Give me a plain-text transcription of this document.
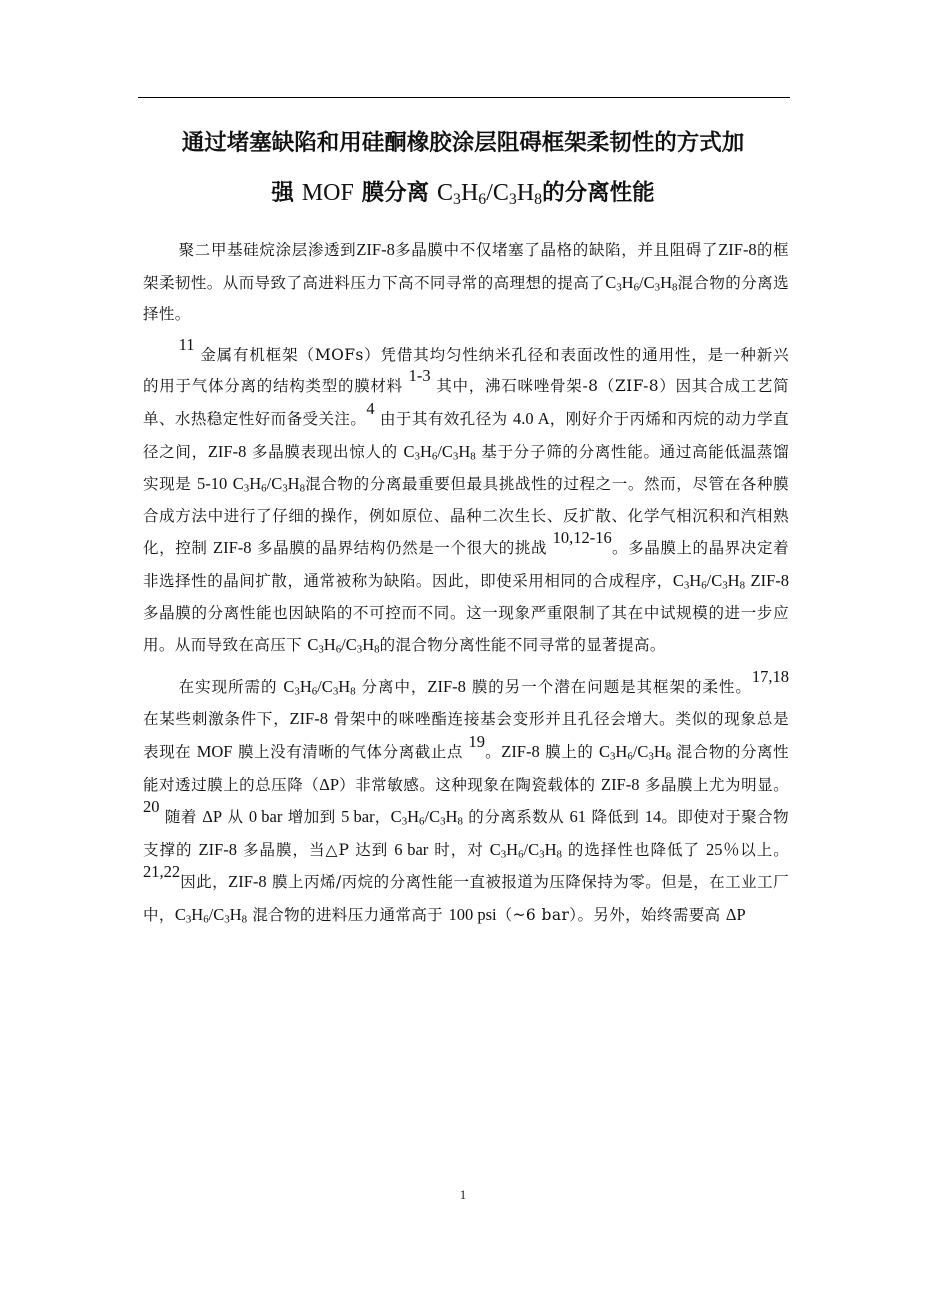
通过堵塞缺陷和用硅酮橡胶涂层阻碍框架柔韧性的方式加
强 MOF 膜分离 $C_3H_6/C_3H_8$的分离性能

聚二甲基硅烷涂层渗透到ZIF-8多晶膜中不仅堵塞了晶格的缺陷，并且阻碍了ZIF-8的框架柔韧性。从而导致了高进料压力下高不同寻常的高理想的提高了$C_3H_6/C_3H_8$混合物的分离选择性。

$^{11}$ 金属有机框架（MOFs）凭借其均匀性纳米孔径和表面改性的通用性，是一种新兴的用于气体分离的结构类型的膜材料 $^{1-3}$ 其中，沸石咪唑骨架-8（ZIF-8）因其合成工艺简单、水热稳定性好而备受关注。$^4$ 由于其有效孔径为 4.0 A，刚好介于丙烯和丙烷的动力学直径之间，ZIF-8 多晶膜表现出惊人的 $C_3H_6/C_3H_8$ 基于分子筛的分离性能。通过高能低温蒸馏实现是 5-10 $C_3H_6/C_3H_8$混合物的分离最重要但最具挑战性的过程之一。然而，尽管在各种膜合成方法中进行了仔细的操作，例如原位、晶种二次生长、反扩散、化学气相沉积和汽相熟化，控制 ZIF-8 多晶膜的晶界结构仍然是一个很大的挑战 $^{10,12-16}$。多晶膜上的晶界决定着非选择性的晶间扩散，通常被称为缺陷。因此，即使采用相同的合成程序，$C_3H_6/C_3H_8$ ZIF-8 多晶膜的分离性能也因缺陷的不可控而不同。这一现象严重限制了其在中试规模的进一步应用。从而导致在高压下 $C_3H_6/C_3H_8$的混合物分离性能不同寻常的显著提高。

在实现所需的 $C_3H_6/C_3H_8$ 分离中，ZIF-8 膜的另一个潜在问题是其框架的柔性。$^{17,18}$ 在某些刺激条件下，ZIF-8 骨架中的咪唑酯连接基会变形并且孔径会增大。类似的现象总是表现在 MOF 膜上没有清晰的气体分离截止点 $^{19}$。ZIF-8 膜上的 $C_3H_6/C_3H_8$ 混合物的分离性能对透过膜上的总压降（ΔP）非常敏感。这种现象在陶瓷载体的 ZIF-8 多晶膜上尤为明显。$^{20}$ 随着 ΔP 从 0 bar 增加到 5 bar，$C_3H_6/C_3H_8$ 的分离系数从 61 降低到 14。即使对于聚合物支撑的 ZIF-8 多晶膜，当△P 达到 6 bar 时，对 $C_3H_6/C_3H_8$ 的选择性也降低了 25％以上。$^{21,22}$因此，ZIF-8 膜上丙烯/丙烷的分离性能一直被报道为压降保持为零。但是，在工业工厂中，$C_3H_6/C_3H_8$ 混合物的进料压力通常高于 100 psi（~6 bar）。另外，始终需要高 ΔP

1
